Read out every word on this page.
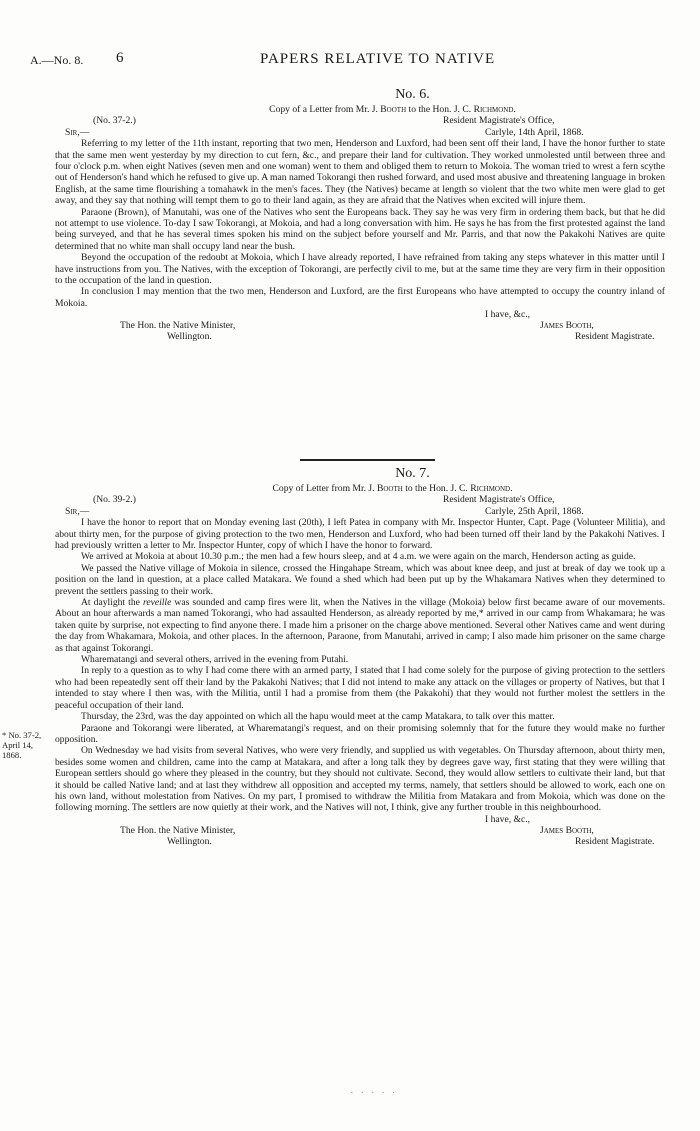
A.—No. 8. 6	PAPERS RELATIVE TO NATIVE
No. 6.
Copy of a Letter from Mr. J. Booth to the Hon. J. C. Richmond.
(No. 37-2.)	Resident Magistrate's Office,
Sir,—	Carlyle, 14th April, 1868.

Referring to my letter of the 11th instant, reporting that two men, Henderson and Luxford, had been sent off their land, I have the honor further to state that the same men went yesterday by my direction to cut fern, &c., and prepare their land for cultivation. They worked unmolested until between three and four o'clock p.m. when eight Natives (seven men and one woman) went to them and obliged them to return to Mokoia. The woman tried to wrest a fern scythe out of Henderson's hand which he refused to give up. A man named Tokorangi then rushed forward, and used most abusive and threatening language in broken English, at the same time flourishing a tomahawk in the men's faces. They (the Natives) became at length so violent that the two white men were glad to get away, and they say that nothing will tempt them to go to their land again, as they are afraid that the Natives when excited will injure them.

Paraone (Brown), of Manutahi, was one of the Natives who sent the Europeans back. They say he was very firm in ordering them back, but that he did not attempt to use violence. To-day I saw Tokorangi, at Mokoia, and had a long conversation with him. He says he has from the first protested against the land being surveyed, and that he has several times spoken his mind on the subject before yourself and Mr. Parris, and that now the Pakakohi Natives are quite determined that no white man shall occupy land near the bush.

Beyond the occupation of the redoubt at Mokoia, which I have already reported, I have refrained from taking any steps whatever in this matter until I have instructions from you. The Natives, with the exception of Tokorangi, are perfectly civil to me, but at the same time they are very firm in their opposition to the occupation of the land in question.

In conclusion I may mention that the two men, Henderson and Luxford, are the first Europeans who have attempted to occupy the country inland of Mokoia.

I have, &c.,
The Hon. the Native Minister,
Wellington.
James Booth,
Resident Magistrate.
No. 7.
Copy of Letter from Mr. J. Booth to the Hon. J. C. Richmond.
(No. 39-2.)	Resident Magistrate's Office,
Sir,—	Carlyle, 25th April, 1868.

I have the honor to report that on Monday evening last (20th), I left Patea in company with Mr. Inspector Hunter, Capt. Page (Volunteer Militia), and about thirty men, for the purpose of giving protection to the two men, Henderson and Luxford, who had been turned off their land by the Pakakohi Natives. I had previously written a letter to Mr. Inspector Hunter, copy of which I have the honor to forward.

We arrived at Mokoia at about 10.30 p.m.; the men had a few hours sleep, and at 4 a.m. we were again on the march, Henderson acting as guide.

We passed the Native village of Mokoia in silence, crossed the Hingahape Stream, which was about knee deep, and just at break of day we took up a position on the land in question, at a place called Matakara. We found a shed which had been put up by the Whakamara Natives when they determined to prevent the settlers passing to their work.

At daylight the reveille was sounded and camp fires were lit, when the Natives in the village (Mokoia) below first became aware of our movements. About an hour afterwards a man named Tokorangi, who had assaulted Henderson, as already reported by me,* arrived in our camp from Whakamara; he was taken quite by surprise, not expecting to find anyone there. I made him a prisoner on the charge above mentioned. Several other Natives came and went during the day from Whakamara, Mokoia, and other places. In the afternoon, Paraone, from Manutahi, arrived in camp; I also made him prisoner on the same charge as that against Tokorangi.

Wharematangi and several others, arrived in the evening from Putahi.

In reply to a question as to why I had come there with an armed party, I stated that I had come solely for the purpose of giving protection to the settlers who had been repeatedly sent off their land by the Pakakohi Natives; that I did not intend to make any attack on the villages or property of Natives, but that I intended to stay where I then was, with the Militia, until I had a promise from them (the Pakakohi) that they would not further molest the settlers in the peaceful occupation of their land.

Thursday, the 23rd, was the day appointed on which all the hapu would meet at the camp Matakara, to talk over this matter.

Paraone and Tokorangi were liberated, at Wharematangi's request, and on their promising solemnly that for the future they would make no further opposition.

On Wednesday we had visits from several Natives, who were very friendly, and supplied us with vegetables. On Thursday afternoon, about thirty men, besides some women and children, came into the camp at Matakara, and after a long talk they by degrees gave way, first stating that they were willing that European settlers should go where they pleased in the country, but they should not cultivate. Second, they would allow settlers to cultivate their land, but that it should be called Native land; and at last they withdrew all opposition and accepted my terms, namely, that settlers should be allowed to work, each one on his own land, without molestation from Natives. On my part, I promised to withdraw the Militia from Matakara and from Mokoia, which was done on the following morning. The settlers are now quietly at their work, and the Natives will not, I think, give any further trouble in this neighbourhood.

I have, &c.,
The Hon. the Native Minister,
Wellington.
James Booth,
Resident Magistrate.
* No. 37-2, April 14, 1868.
· · · · ·
